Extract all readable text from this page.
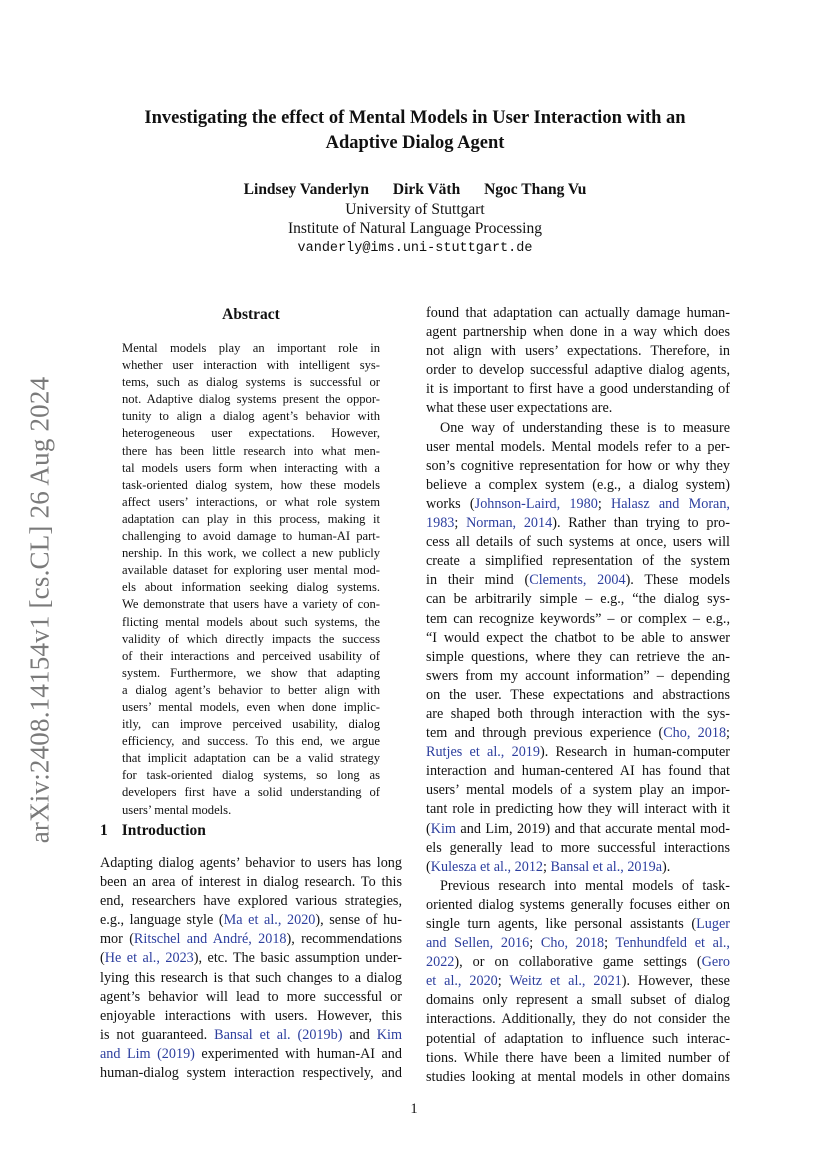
arXiv:2408.14154v1 [cs.CL] 26 Aug 2024
Investigating the effect of Mental Models in User Interaction with an
Adaptive Dialog Agent
Lindsey Vanderlyn Dirk Väth Ngoc Thang Vu
University of Stuttgart
Institute of Natural Language Processing
vanderly@ims.uni-stuttgart.de
Abstract
Mental models play an important role in
whether user interaction with intelligent sys-
tems, such as dialog systems is successful or
not. Adaptive dialog systems present the oppor-
tunity to align a dialog agent’s behavior with
heterogeneous user expectations. However,
there has been little research into what men-
tal models users form when interacting with a
task-oriented dialog system, how these models
affect users’ interactions, or what role system
adaptation can play in this process, making it
challenging to avoid damage to human-AI part-
nership. In this work, we collect a new publicly
available dataset for exploring user mental mod-
els about information seeking dialog systems.
We demonstrate that users have a variety of con-
flicting mental models about such systems, the
validity of which directly impacts the success
of their interactions and perceived usability of
system. Furthermore, we show that adapting
a dialog agent’s behavior to better align with
users’ mental models, even when done implic-
itly, can improve perceived usability, dialog
efficiency, and success. To this end, we argue
that implicit adaptation can be a valid strategy
for task-oriented dialog systems, so long as
developers first have a solid understanding of
users’ mental models.
1 Introduction
Adapting dialog agents’ behavior to users has long
been an area of interest in dialog research. To this
end, researchers have explored various strategies,
e.g., language style (Ma et al., 2020), sense of hu-
mor (Ritschel and André, 2018), recommendations
(He et al., 2023), etc. The basic assumption under-
lying this research is that such changes to a dialog
agent’s behavior will lead to more successful or
enjoyable interactions with users. However, this
is not guaranteed. Bansal et al. (2019b) and Kim
and Lim (2019) experimented with human-AI and
human-dialog system interaction respectively, and
found that adaptation can actually damage human-
agent partnership when done in a way which does
not align with users’ expectations. Therefore, in
order to develop successful adaptive dialog agents,
it is important to first have a good understanding of
what these user expectations are.
One way of understanding these is to measure
user mental models. Mental models refer to a per-
son’s cognitive representation for how or why they
believe a complex system (e.g., a dialog system)
works (Johnson-Laird, 1980; Halasz and Moran,
1983; Norman, 2014). Rather than trying to pro-
cess all details of such systems at once, users will
create a simplified representation of the system
in their mind (Clements, 2004). These models
can be arbitrarily simple – e.g., “the dialog sys-
tem can recognize keywords” – or complex – e.g.,
“I would expect the chatbot to be able to answer
simple questions, where they can retrieve the an-
swers from my account information” – depending
on the user. These expectations and abstractions
are shaped both through interaction with the sys-
tem and through previous experience (Cho, 2018;
Rutjes et al., 2019). Research in human-computer
interaction and human-centered AI has found that
users’ mental models of a system play an impor-
tant role in predicting how they will interact with it
(Kim and Lim, 2019) and that accurate mental mod-
els generally lead to more successful interactions
(Kulesza et al., 2012; Bansal et al., 2019a).
Previous research into mental models of task-
oriented dialog systems generally focuses either on
single turn agents, like personal assistants (Luger
and Sellen, 2016; Cho, 2018; Tenhundfeld et al.,
2022), or on collaborative game settings (Gero
et al., 2020; Weitz et al., 2021). However, these
domains only represent a small subset of dialog
interactions. Additionally, they do not consider the
potential of adaptation to influence such interac-
tions. While there have been a limited number of
studies looking at mental models in other domains
1
